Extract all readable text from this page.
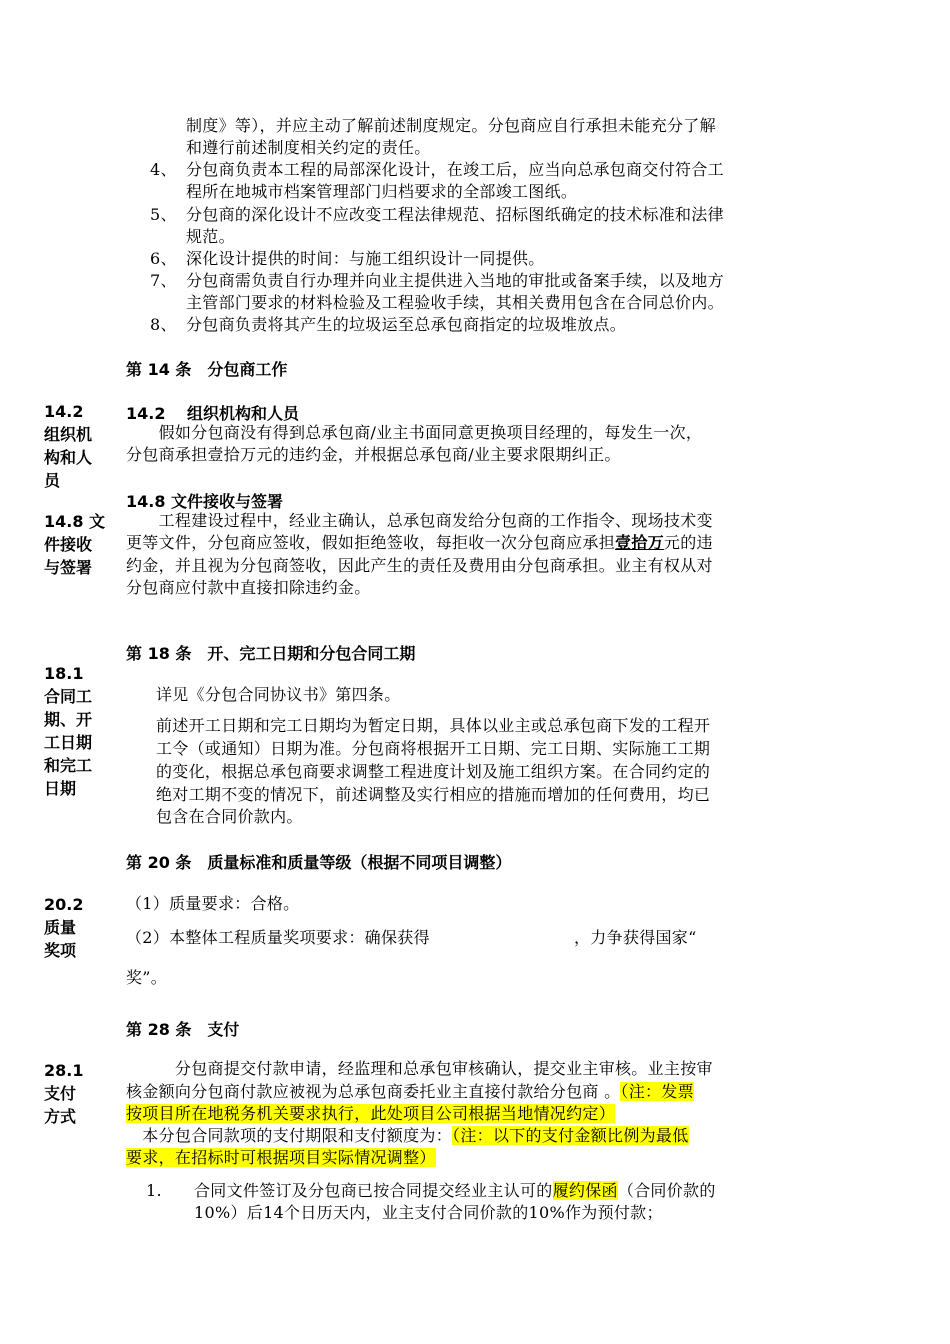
制度》等），并应主动了解前述制度规定。分包商应自行承担未能充分了解
和遵行前述制度相关约定的责任。
4、 分包商负责本工程的局部深化设计，在竣工后，应当向总承包商交付符合工
程所在地城市档案管理部门归档要求的全部竣工图纸。
5、 分包商的深化设计不应改变工程法律规范、招标图纸确定的技术标准和法律
规范。
6、 深化设计提供的时间：与施工组织设计一同提供。
7、 分包商需负责自行办理并向业主提供进入当地的审批或备案手续，以及地方
主管部门要求的材料检验及工程验收手续，其相关费用包含在合同总价内。
8、 分包商负责将其产生的垃圾运至总承包商指定的垃圾堆放点。
第 14 条　分包商工作
14.2
组织机
构和人
员
14.2　 组织机构和人员
　　假如分包商没有得到总承包商/业主书面同意更换项目经理的，每发生一次，
分包商承担壹拾万元的违约金，并根据总承包商/业主要求限期纠正。
14.8 文件接收与签署
14.8 文
件接收
与签署
　　工程建设过程中，经业主确认，总承包商发给分包商的工作指令、现场技术变
更等文件，分包商应签收，假如拒绝签收，每拒收一次分包商应承担壹拾万元的违
约金，并且视为分包商签收，因此产生的责任及费用由分包商承担。业主有权从对
分包商应付款中直接扣除违约金。
第 18 条　开、完工日期和分包合同工期
18.1
合同工
期、开
工日期
和完工
日期
详见《分包合同协议书》第四条。
前述开工日期和完工日期均为暂定日期，具体以业主或总承包商下发的工程开
工令（或通知）日期为准。分包商将根据开工日期、完工日期、实际施工工期
的变化，根据总承包商要求调整工程进度计划及施工组织方案。在合同约定的
绝对工期不变的情况下，前述调整及实行相应的措施而增加的任何费用，均已
包含在合同价款内。
第 20 条　质量标准和质量等级（根据不同项目调整）
20.2
质量
奖项
（1）质量要求：合格。
（2）本整体工程质量奖项要求：确保获得	，力争获得国家“
奖”。
第 28 条　支付
28.1
支付
方式
　　　分包商提交付款申请，经监理和总承包审核确认，提交业主审核。业主按审
核金额向分包商付款应被视为总承包商委托业主直接付款给分包商 。（注：发票
按项目所在地税务机关要求执行，此处项目公司根据当地情况约定）
　本分包合同款项的支付期限和支付额度为：（注：以下的支付金额比例为最低
要求，在招标时可根据项目实际情况调整）
1. 合同文件签订及分包商已按合同提交经业主认可的履约保函（合同价款的
10%）后14个日历天内，业主支付合同价款的10%作为预付款；
